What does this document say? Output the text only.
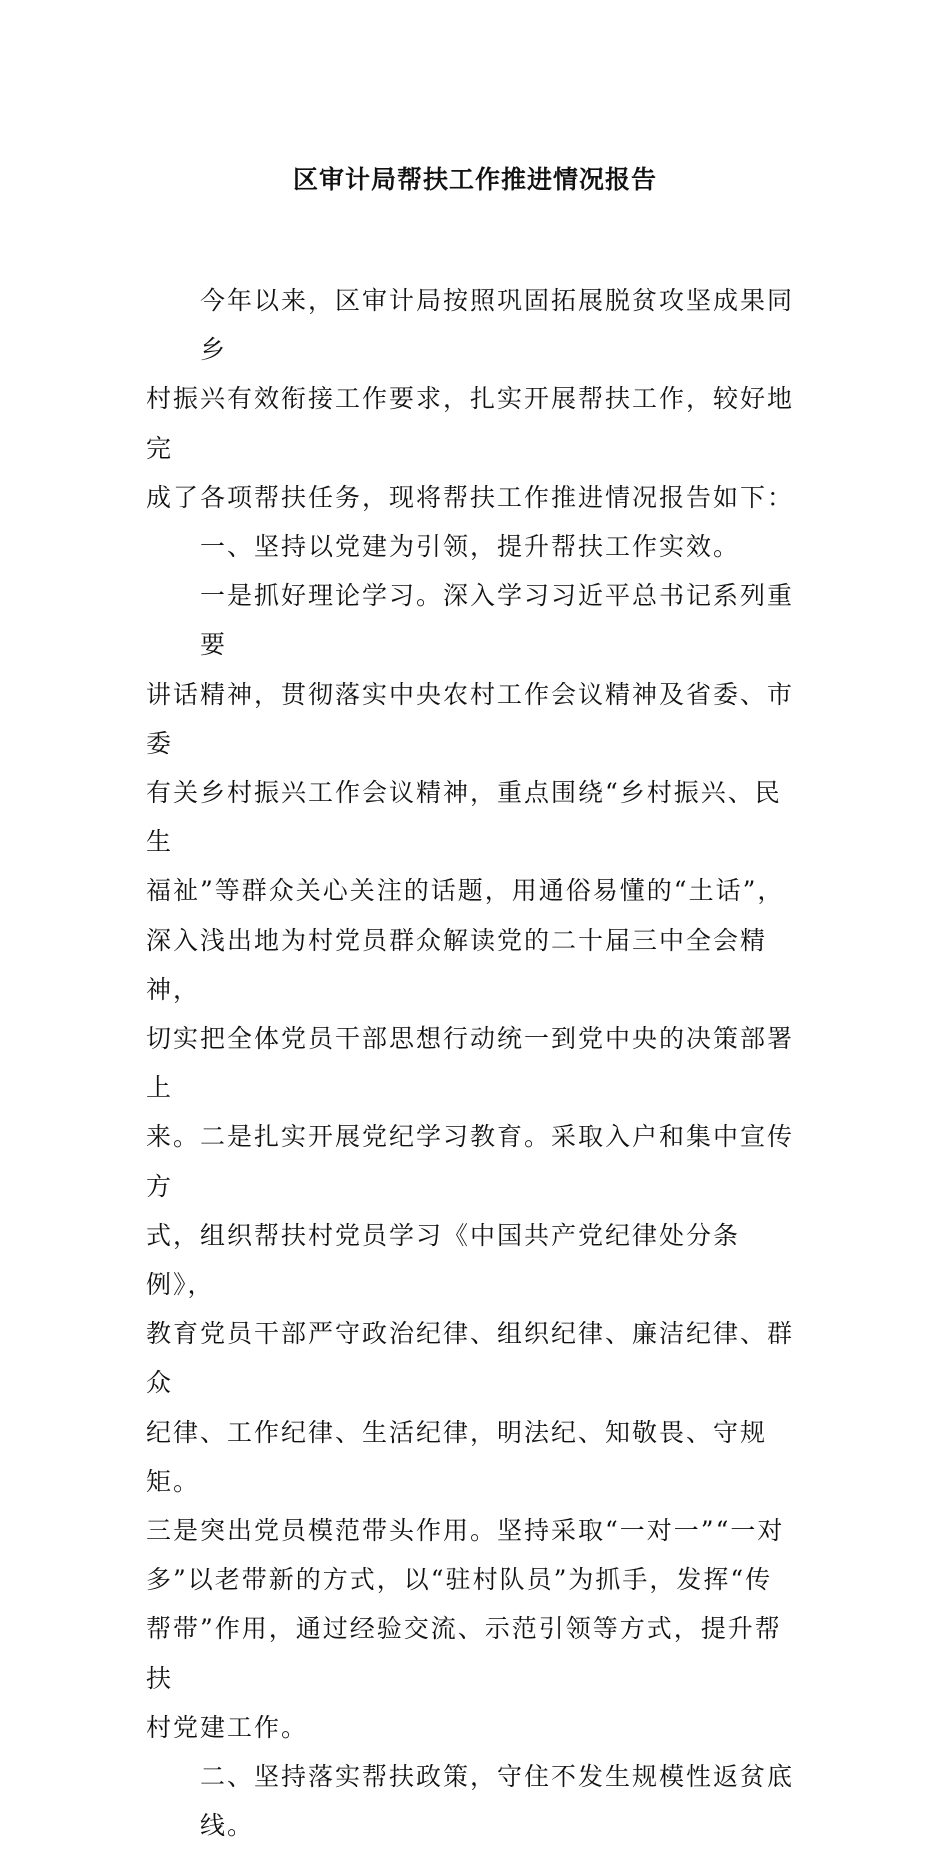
区审计局帮扶工作推进情况报告
今年以来，区审计局按照巩固拓展脱贫攻坚成果同乡
村振兴有效衔接工作要求，扎实开展帮扶工作，较好地完
成了各项帮扶任务，现将帮扶工作推进情况报告如下：
一、坚持以党建为引领，提升帮扶工作实效。
一是抓好理论学习。深入学习习近平总书记系列重要
讲话精神，贯彻落实中央农村工作会议精神及省委、市委
有关乡村振兴工作会议精神，重点围绕“乡村振兴、民生
福祉”等群众关心关注的话题，用通俗易懂的“土话”，
深入浅出地为村党员群众解读党的二十届三中全会精神，
切实把全体党员干部思想行动统一到党中央的决策部署上
来。二是扎实开展党纪学习教育。采取入户和集中宣传方
式，组织帮扶村党员学习《中国共产党纪律处分条例》，
教育党员干部严守政治纪律、组织纪律、廉洁纪律、群众
纪律、工作纪律、生活纪律，明法纪、知敬畏、守规矩。
三是突出党员模范带头作用。坚持采取“一对一”“一对
多”以老带新的方式，以“驻村队员”为抓手，发挥“传
帮带”作用，通过经验交流、示范引领等方式，提升帮扶
村党建工作。
二、坚持落实帮扶政策，守住不发生规模性返贫底线。
